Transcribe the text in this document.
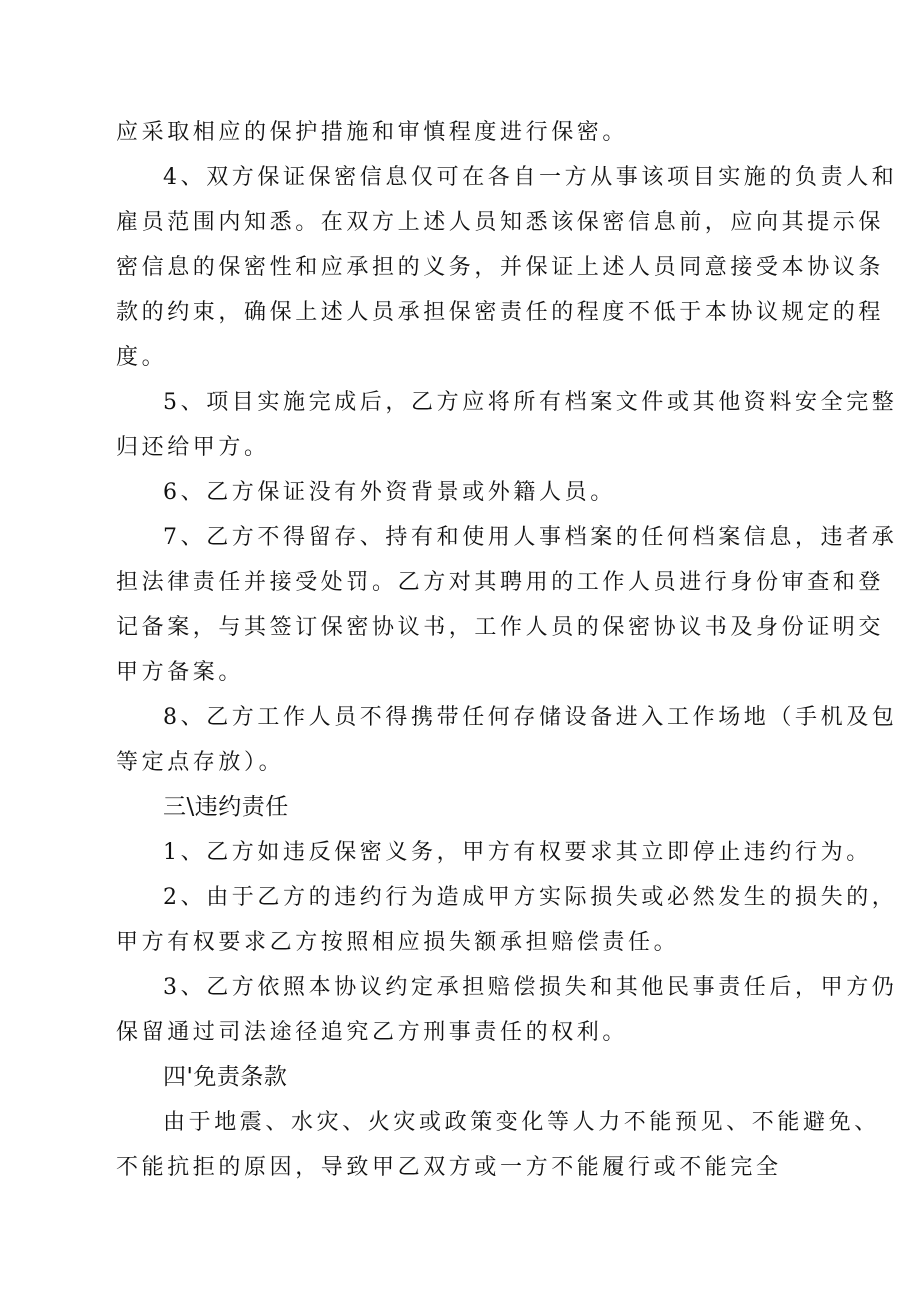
应采取相应的保护措施和审慎程度进行保密。
4、双方保证保密信息仅可在各自一方从事该项目实施的负责人和
雇员范围内知悉。在双方上述人员知悉该保密信息前，应向其提示保
密信息的保密性和应承担的义务，并保证上述人员同意接受本协议条
款的约束，确保上述人员承担保密责任的程度不低于本协议规定的程
度。
5、项目实施完成后，乙方应将所有档案文件或其他资料安全完整
归还给甲方。
6、乙方保证没有外资背景或外籍人员。
7、乙方不得留存、持有和使用人事档案的任何档案信息，违者承
担法律责任并接受处罚。乙方对其聘用的工作人员进行身份审查和登
记备案，与其签订保密协议书，工作人员的保密协议书及身份证明交
甲方备案。
8、乙方工作人员不得携带任何存储设备进入工作场地（手机及包
等定点存放）。
三\违约责任
1、乙方如违反保密义务，甲方有权要求其立即停止违约行为。
2、由于乙方的违约行为造成甲方实际损失或必然发生的损失的，
甲方有权要求乙方按照相应损失额承担赔偿责任。
3、乙方依照本协议约定承担赔偿损失和其他民事责任后，甲方仍
保留通过司法途径追究乙方刑事责任的权利。
四'免责条款
由于地震、水灾、火灾或政策变化等人力不能预见、不能避免、
不能抗拒的原因，导致甲乙双方或一方不能履行或不能完全
